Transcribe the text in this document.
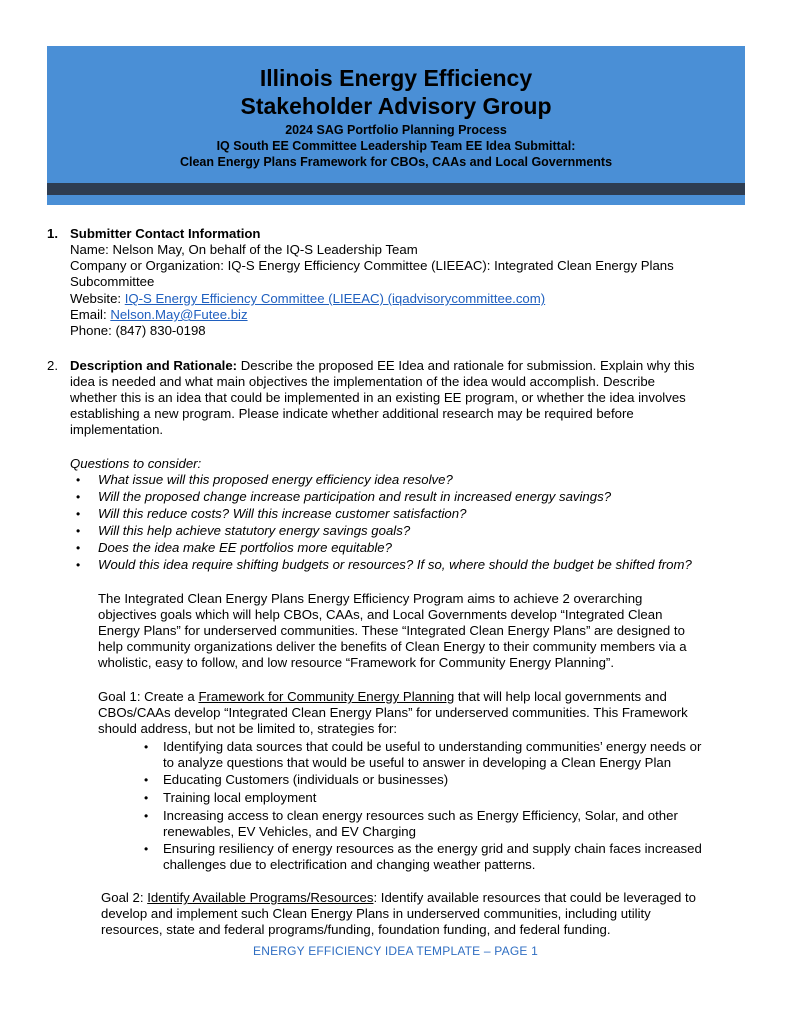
Illinois Energy Efficiency
Stakeholder Advisory Group
2024 SAG Portfolio Planning Process
IQ South EE Committee Leadership Team EE Idea Submittal:
Clean Energy Plans Framework for CBOs, CAAs and Local Governments
1. Submitter Contact Information
Name: Nelson May, On behalf of the IQ-S Leadership Team
Company or Organization: IQ-S Energy Efficiency Committee (LIEEAC): Integrated Clean Energy Plans
Subcommittee
Website: IQ-S Energy Efficiency Committee (LIEEAC) (iqadvisorycommittee.com)
Email: Nelson.May@Futee.biz
Phone: (847) 830-0198
2. Description and Rationale: Describe the proposed EE Idea and rationale for submission. Explain why this
idea is needed and what main objectives the implementation of the idea would accomplish. Describe
whether this is an idea that could be implemented in an existing EE program, or whether the idea involves
establishing a new program. Please indicate whether additional research may be required before
implementation.
Questions to consider:
• What issue will this proposed energy efficiency idea resolve?
• Will the proposed change increase participation and result in increased energy savings?
• Will this reduce costs? Will this increase customer satisfaction?
• Will this help achieve statutory energy savings goals?
• Does the idea make EE portfolios more equitable?
• Would this idea require shifting budgets or resources? If so, where should the budget be shifted from?
The Integrated Clean Energy Plans Energy Efficiency Program aims to achieve 2 overarching
objectives goals which will help CBOs, CAAs, and Local Governments develop “Integrated Clean
Energy Plans” for underserved communities. These “Integrated Clean Energy Plans” are designed to
help community organizations deliver the benefits of Clean Energy to their community members via a
wholistic, easy to follow, and low resource “Framework for Community Energy Planning”.
Goal 1: Create a Framework for Community Energy Planning that will help local governments and
CBOs/CAAs develop “Integrated Clean Energy Plans” for underserved communities. This Framework
should address, but not be limited to, strategies for:
• Identifying data sources that could be useful to understanding communities’ energy needs or
to analyze questions that would be useful to answer in developing a Clean Energy Plan
• Educating Customers (individuals or businesses)
• Training local employment
• Increasing access to clean energy resources such as Energy Efficiency, Solar, and other
renewables, EV Vehicles, and EV Charging
• Ensuring resiliency of energy resources as the energy grid and supply chain faces increased
challenges due to electrification and changing weather patterns.
Goal 2: Identify Available Programs/Resources: Identify available resources that could be leveraged to
develop and implement such Clean Energy Plans in underserved communities, including utility
resources, state and federal programs/funding, foundation funding, and federal funding.
ENERGY EFFICIENCY IDEA TEMPLATE – PAGE 1
